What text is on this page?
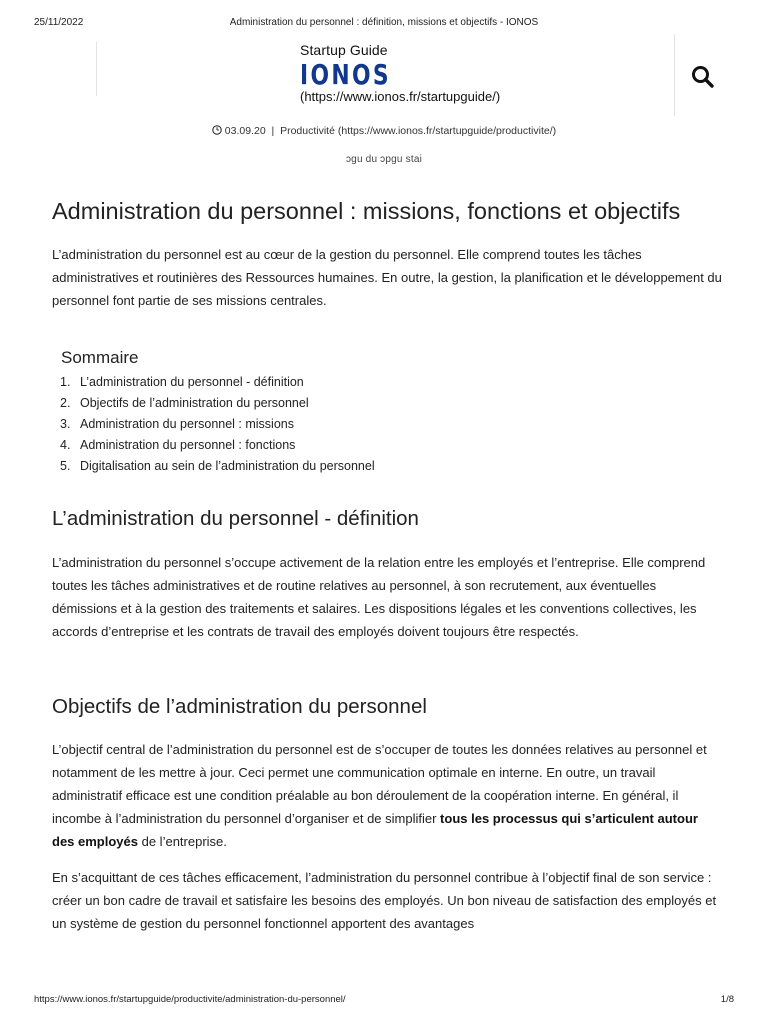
25/11/2022	Administration du personnel : définition, missions et objectifs - IONOS
Startup Guide
IONOS
(https://www.ionos.fr/startupguide/)
03.09.20 | Productivité (https://www.ionos.fr/startupguide/productivite/)
ɔgu du ɔpgu stai
Administration du personnel : missions, fonctions et objectifs

L’administration du personnel est au cœur de la gestion du personnel. Elle comprend toutes les tâches administratives et routinières des Ressources humaines. En outre, la gestion, la planification et le développement du personnel font partie de ses missions centrales.

Sommaire
1. L’administration du personnel - définition
2. Objectifs de l’administration du personnel
3. Administration du personnel : missions
4. Administration du personnel : fonctions
5. Digitalisation au sein de l’administration du personnel
L’administration du personnel - définition

L’administration du personnel s’occupe activement de la relation entre les employés et l’entreprise. Elle comprend toutes les tâches administratives et de routine relatives au personnel, à son recrutement, aux éventuelles démissions et à la gestion des traitements et salaires. Les dispositions légales et les conventions collectives, les accords d’entreprise et les contrats de travail des employés doivent toujours être respectés.

Objectifs de l’administration du personnel

L’objectif central de l’administration du personnel est de s’occuper de toutes les données relatives au personnel et notamment de les mettre à jour. Ceci permet une communication optimale en interne. En outre, un travail administratif efficace est une condition préalable au bon déroulement de la coopération interne. En général, il incombe à l’administration du personnel d’organiser et de simplifier tous les processus qui s’articulent autour des employés de l’entreprise.

En s’acquittant de ces tâches efficacement, l’administration du personnel contribue à l’objectif final de son service : créer un bon cadre de travail et satisfaire les besoins des employés. Un bon niveau de satisfaction des employés et un système de gestion du personnel fonctionnel apportent des avantages

https://www.ionos.fr/startupguide/productivite/administration-du-personnel/	1/8
